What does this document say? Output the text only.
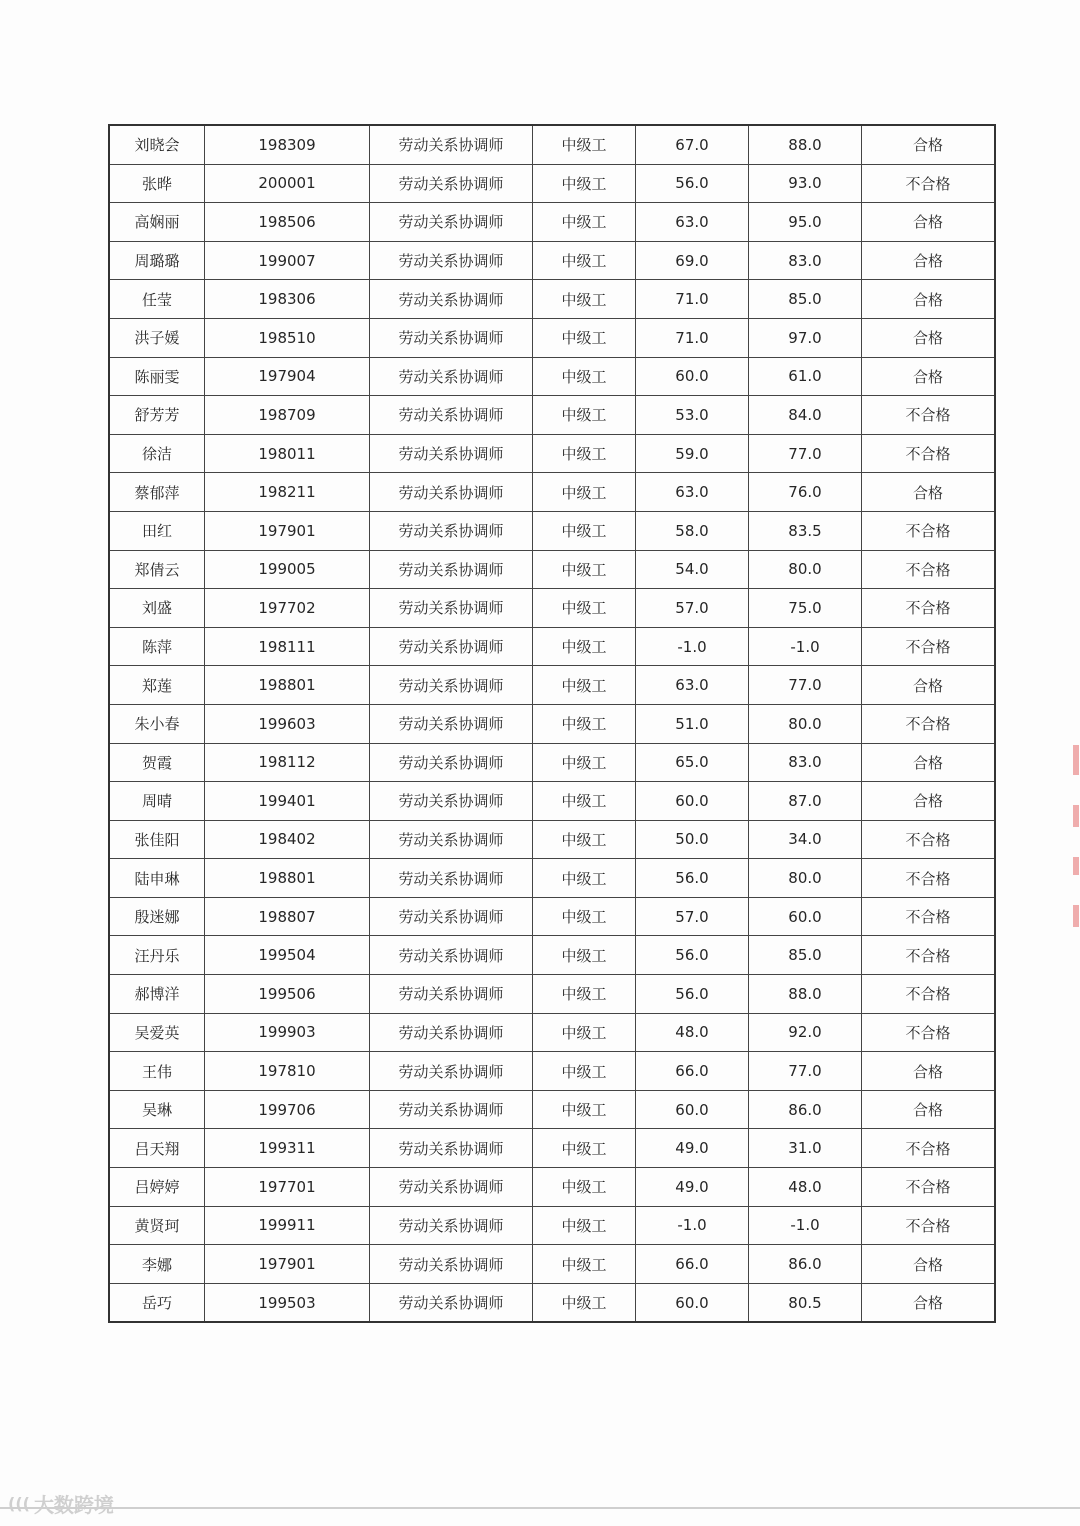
刘晓会	198309	劳动关系协调师	中级工	67.0	88.0	合格
张晔	200001	劳动关系协调师	中级工	56.0	93.0	不合格
高娴丽	198506	劳动关系协调师	中级工	63.0	95.0	合格
周璐璐	199007	劳动关系协调师	中级工	69.0	83.0	合格
任莹	198306	劳动关系协调师	中级工	71.0	85.0	合格
洪子媛	198510	劳动关系协调师	中级工	71.0	97.0	合格
陈丽雯	197904	劳动关系协调师	中级工	60.0	61.0	合格
舒芳芳	198709	劳动关系协调师	中级工	53.0	84.0	不合格
徐洁	198011	劳动关系协调师	中级工	59.0	77.0	不合格
蔡郁萍	198211	劳动关系协调师	中级工	63.0	76.0	合格
田红	197901	劳动关系协调师	中级工	58.0	83.5	不合格
郑倩云	199005	劳动关系协调师	中级工	54.0	80.0	不合格
刘盛	197702	劳动关系协调师	中级工	57.0	75.0	不合格
陈萍	198111	劳动关系协调师	中级工	-1.0	-1.0	不合格
郑莲	198801	劳动关系协调师	中级工	63.0	77.0	合格
朱小春	199603	劳动关系协调师	中级工	51.0	80.0	不合格
贺霞	198112	劳动关系协调师	中级工	65.0	83.0	合格
周晴	199401	劳动关系协调师	中级工	60.0	87.0	合格
张佳阳	198402	劳动关系协调师	中级工	50.0	34.0	不合格
陆申琳	198801	劳动关系协调师	中级工	56.0	80.0	不合格
殷迷娜	198807	劳动关系协调师	中级工	57.0	60.0	不合格
汪丹乐	199504	劳动关系协调师	中级工	56.0	85.0	不合格
郝博洋	199506	劳动关系协调师	中级工	56.0	88.0	不合格
吴爱英	199903	劳动关系协调师	中级工	48.0	92.0	不合格
王伟	197810	劳动关系协调师	中级工	66.0	77.0	合格
吴琳	199706	劳动关系协调师	中级工	60.0	86.0	合格
吕天翔	199311	劳动关系协调师	中级工	49.0	31.0	不合格
吕婷婷	197701	劳动关系协调师	中级工	49.0	48.0	不合格
黄贤珂	199911	劳动关系协调师	中级工	-1.0	-1.0	不合格
李娜	197901	劳动关系协调师	中级工	66.0	86.0	合格
岳巧	199503	劳动关系协调师	中级工	60.0	80.5	合格
((( 大数跨境
